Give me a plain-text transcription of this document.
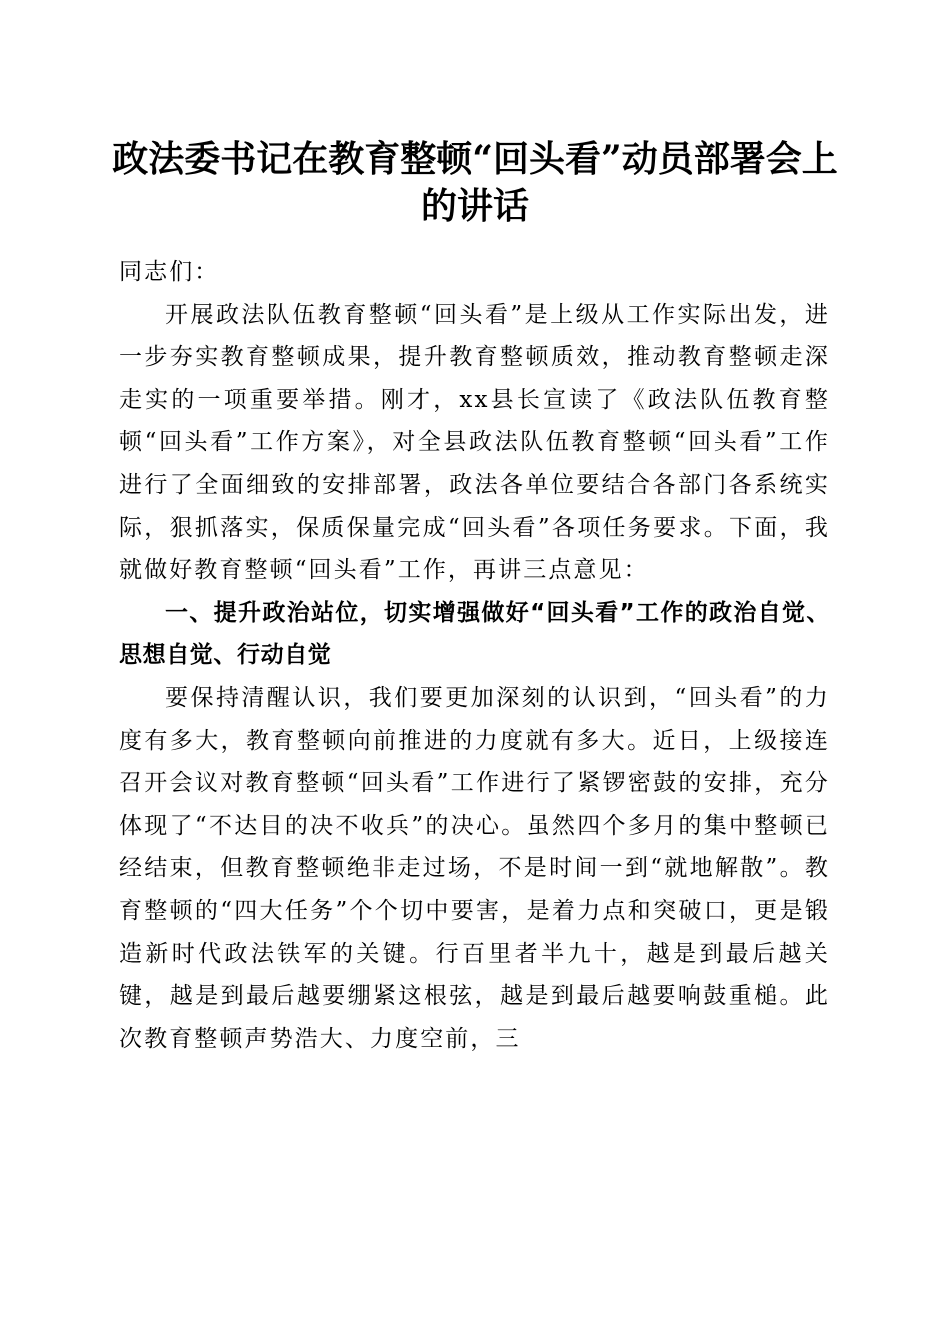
政法委书记在教育整顿“回头看”动员部署会上的讲话

同志们：

开展政法队伍教育整顿“回头看”是上级从工作实际出发，进一步夯实教育整顿成果，提升教育整顿质效，推动教育整顿走深走实的一项重要举措。刚才，xx县长宣读了《政法队伍教育整顿“回头看”工作方案》，对全县政法队伍教育整顿“回头看”工作进行了全面细致的安排部署，政法各单位要结合各部门各系统实际，狠抓落实，保质保量完成“回头看”各项任务要求。下面，我就做好教育整顿“回头看”工作，再讲三点意见：

一、提升政治站位，切实增强做好“回头看”工作的政治自觉、思想自觉、行动自觉

要保持清醒认识，我们要更加深刻的认识到，“回头看”的力度有多大，教育整顿向前推进的力度就有多大。近日，上级接连召开会议对教育整顿“回头看”工作进行了紧锣密鼓的安排，充分体现了“不达目的决不收兵”的决心。虽然四个多月的集中整顿已经结束，但教育整顿绝非走过场，不是时间一到“就地解散”。教育整顿的“四大任务”个个切中要害，是着力点和突破口，更是锻造新时代政法铁军的关键。行百里者半九十，越是到最后越关键，越是到最后越要绷紧这根弦，越是到最后越要响鼓重槌。此次教育整顿声势浩大、力度空前，三
